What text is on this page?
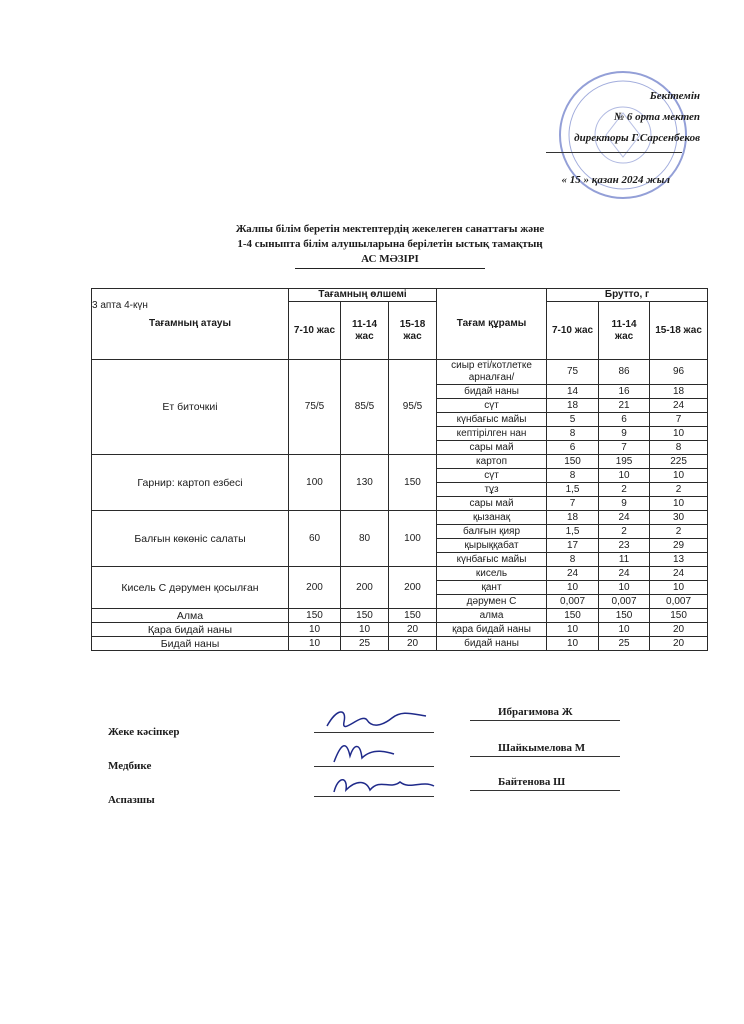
Бекітемін
№ 6 орта мектеп
директоры Г.Сарсенбеков
« 15 » қазан 2024 жыл
Жалпы білім беретін мектептердің жекелеген санаттағы және
1-4 сыныпта білім алушыларына берілетін ыстық тамақтың
АС МӘЗІРІ
3 апта 4-күн
Тағамның атауы	Тағамның өлшемі			Тағам құрамы	Брутто, г		
	7-10 жас	11-14 жас	15-18 жас		7-10 жас	11-14 жас	15-18 жас
Ет биточкиі	75/5	85/5	95/5	сиыр еті/котлетке арналған/	75	86	96
				бидай наны	14	16	18
				сүт	18	21	24
				күнбағыс майы	5	6	7
				кептірілген нан	8	9	10
				сары май	6	7	8
Гарнир: картоп езбесі	100	130	150	картоп	150	195	225
				сүт	8	10	10
				тұз	1,5	2	2
				сары май	7	9	10
Балғын көкөніс салаты	60	80	100	қызанақ	18	24	30
				балғын қияр	1,5	2	2
				қырыққабат	17	23	29
				күнбағыс майы	8	11	13
Кисель С дәрумен қосылған	200	200	200	кисель	24	24	24
				қант	10	10	10
				дәрумен С	0,007	0,007	0,007
Алма	150	150	150	алма	150	150	150
Қара бидай наны	10	10	20	қара бидай наны	10	10	20
Бидай наны	10	25	20	бидай наны	10	25	20
Жеке кәсіпкер
Медбике
Аспазшы
Ибрагимова Ж
Шайкымелова М
Байтенова Ш
